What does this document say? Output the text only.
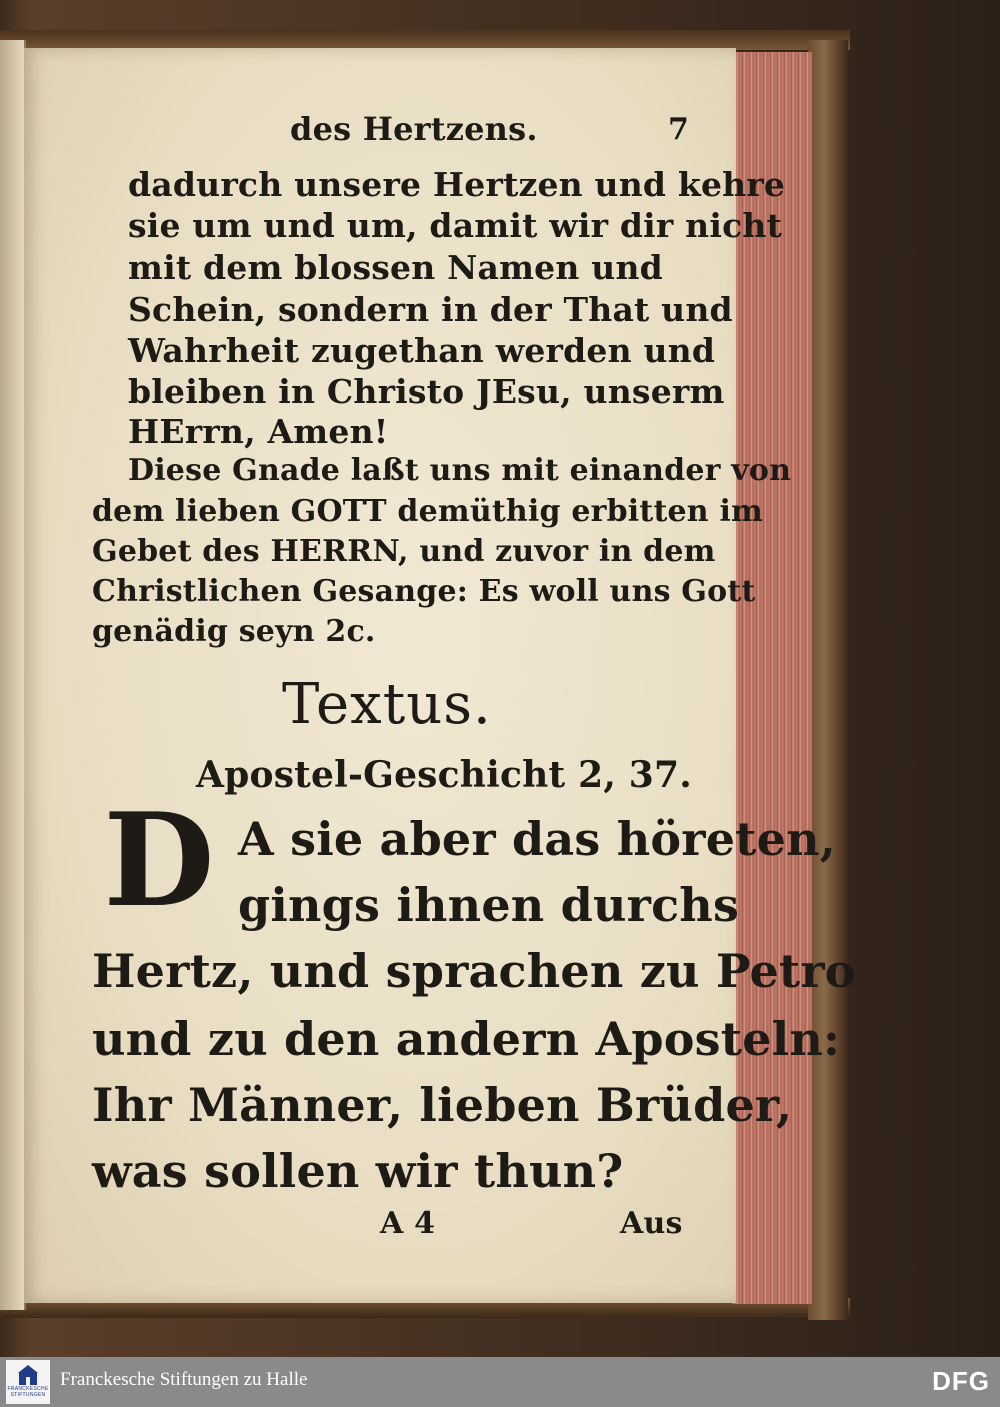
des Hertzens.	7
dadurch unsere Hertzen und kehre
sie um und um, damit wir dir nicht
mit dem blossen Namen und
Schein, sondern in der That und
Wahrheit zugethan werden und
bleiben in Christo JEsu, unserm
HErrn, Amen!
Diese Gnade laßt uns mit einander von
dem lieben GOTT demüthig erbitten im
Gebet des HERRN, und zuvor in dem
Christlichen Gesange: Es woll uns Gott
genädig seyn 2c.
Textus.
Apostel-Geschicht 2, 37.
D A sie aber das höreten,
gings ihnen durchs
Hertz, und sprachen zu Petro
und zu den andern Aposteln:
Ihr Männer, lieben Brüder,
was sollen wir thun?
A 4	Aus
FRANCKESCHE STIFTUNGEN
Franckesche Stiftungen zu Halle	DFG
